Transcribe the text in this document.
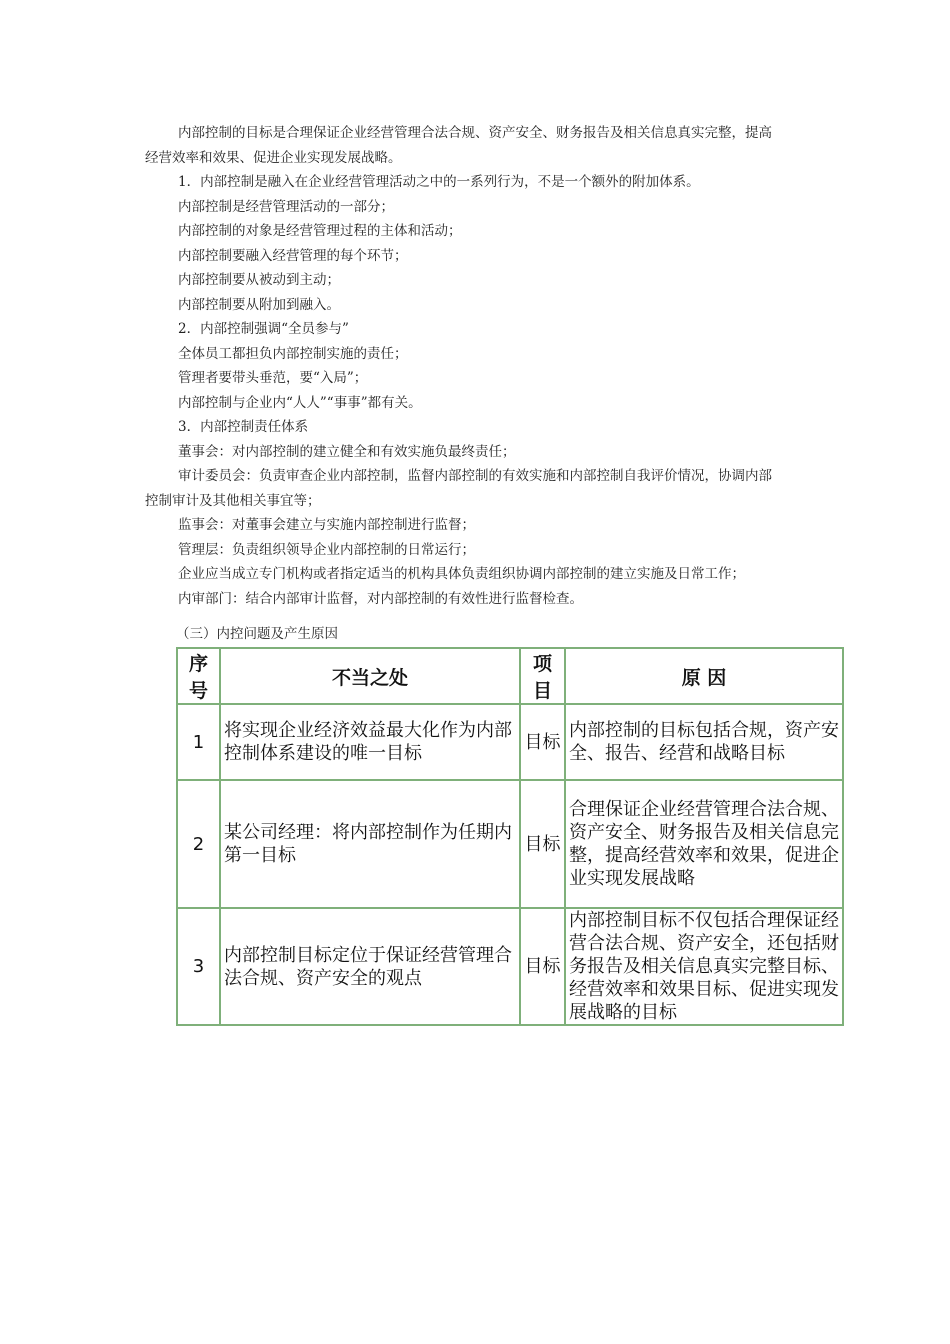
内部控制的目标是合理保证企业经营管理合法合规、资产安全、财务报告及相关信息真实完整，提高
经营效率和效果、促进企业实现发展战略。
1．内部控制是融入在企业经营管理活动之中的一系列行为，不是一个额外的附加体系。
内部控制是经营管理活动的一部分；
内部控制的对象是经营管理过程的主体和活动；
内部控制要融入经营管理的每个环节；
内部控制要从被动到主动；
内部控制要从附加到融入。
2．内部控制强调“全员参与”
全体员工都担负内部控制实施的责任；
管理者要带头垂范，要“入局”；
内部控制与企业内“人人”“事事”都有关。
3．内部控制责任体系
董事会：对内部控制的建立健全和有效实施负最终责任；
审计委员会：负责审查企业内部控制，监督内部控制的有效实施和内部控制自我评价情况，协调内部
控制审计及其他相关事宜等；
监事会：对董事会建立与实施内部控制进行监督；
管理层：负责组织领导企业内部控制的日常运行；
企业应当成立专门机构或者指定适当的机构具体负责组织协调内部控制的建立实施及日常工作；
内审部门：结合内部审计监督，对内部控制的有效性进行监督检查。
（三）内控问题及产生原因
序号	不当之处	项目	原 因
1	将实现企业经济效益最大化作为内部控制体系建设的唯一目标	目标	内部控制的目标包括合规，资产安全、报告、经营和战略目标
2	某公司经理：将内部控制作为任期内第一目标	目标	合理保证企业经营管理合法合规、资产安全、财务报告及相关信息完整，提高经营效率和效果，促进企业实现发展战略
3	内部控制目标定位于保证经营管理合法合规、资产安全的观点	目标	内部控制目标不仅包括合理保证经营合法合规、资产安全，还包括财务报告及相关信息真实完整目标、经营效率和效果目标、促进实现发展战略的目标
